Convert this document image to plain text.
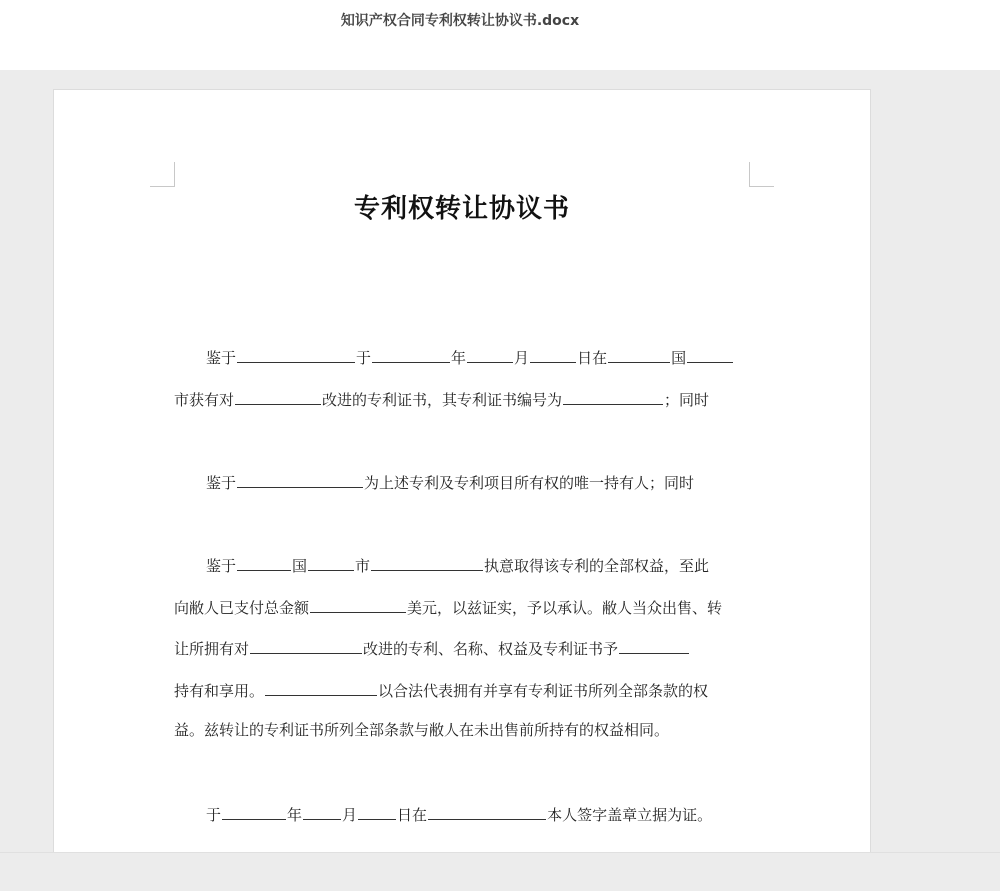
知识产权合同专利权转让协议书.docx
专利权转让协议书
鉴于	于	年	月	日在	国
市获有对	改进的专利证书，其专利证书编号为	；同时
鉴于	为上述专利及专利项目所有权的唯一持有人；同时
鉴于	国	市	执意取得该专利的全部权益，至此
向敝人已支付总金额	美元，以兹证实，予以承认。敝人当众出售、转
让所拥有对	改进的专利、名称、权益及专利证书予
持有和享用。	以合法代表拥有并享有专利证书所列全部条款的权
益。兹转让的专利证书所列全部条款与敝人在未出售前所持有的权益相同。
于	年	月	日在	本人签字盖章立据为证。
